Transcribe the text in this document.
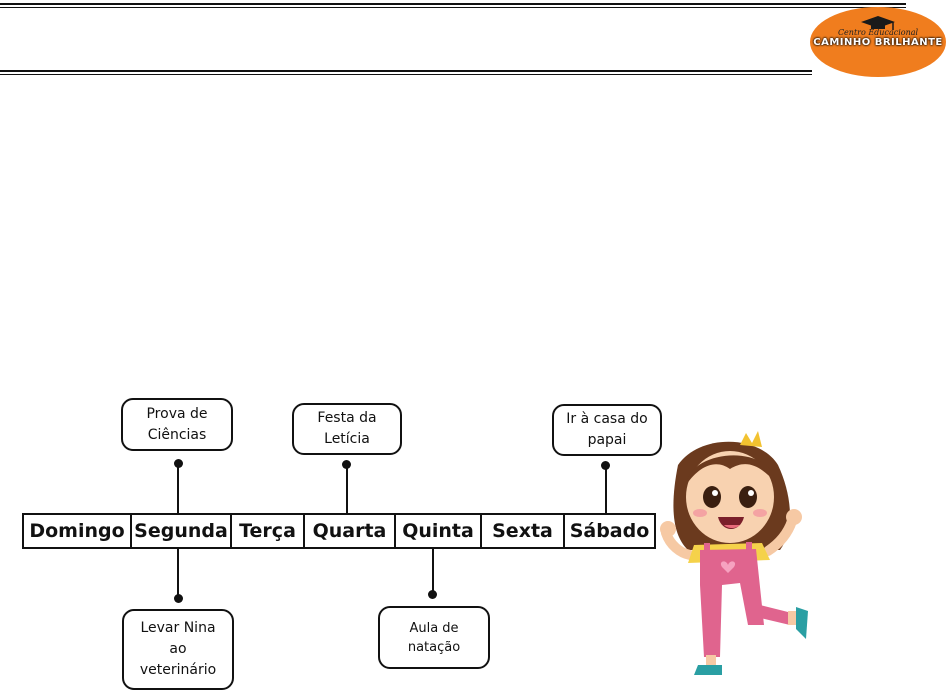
Centro Educacional
CAMINHO BRILHANTE
Prova de
Ciências
Festa da
Letícia
Ir à casa do
papai
Domingo Segunda Terça Quarta Quinta Sexta Sábado
Levar Nina
ao
veterinário
Aula de
natação
